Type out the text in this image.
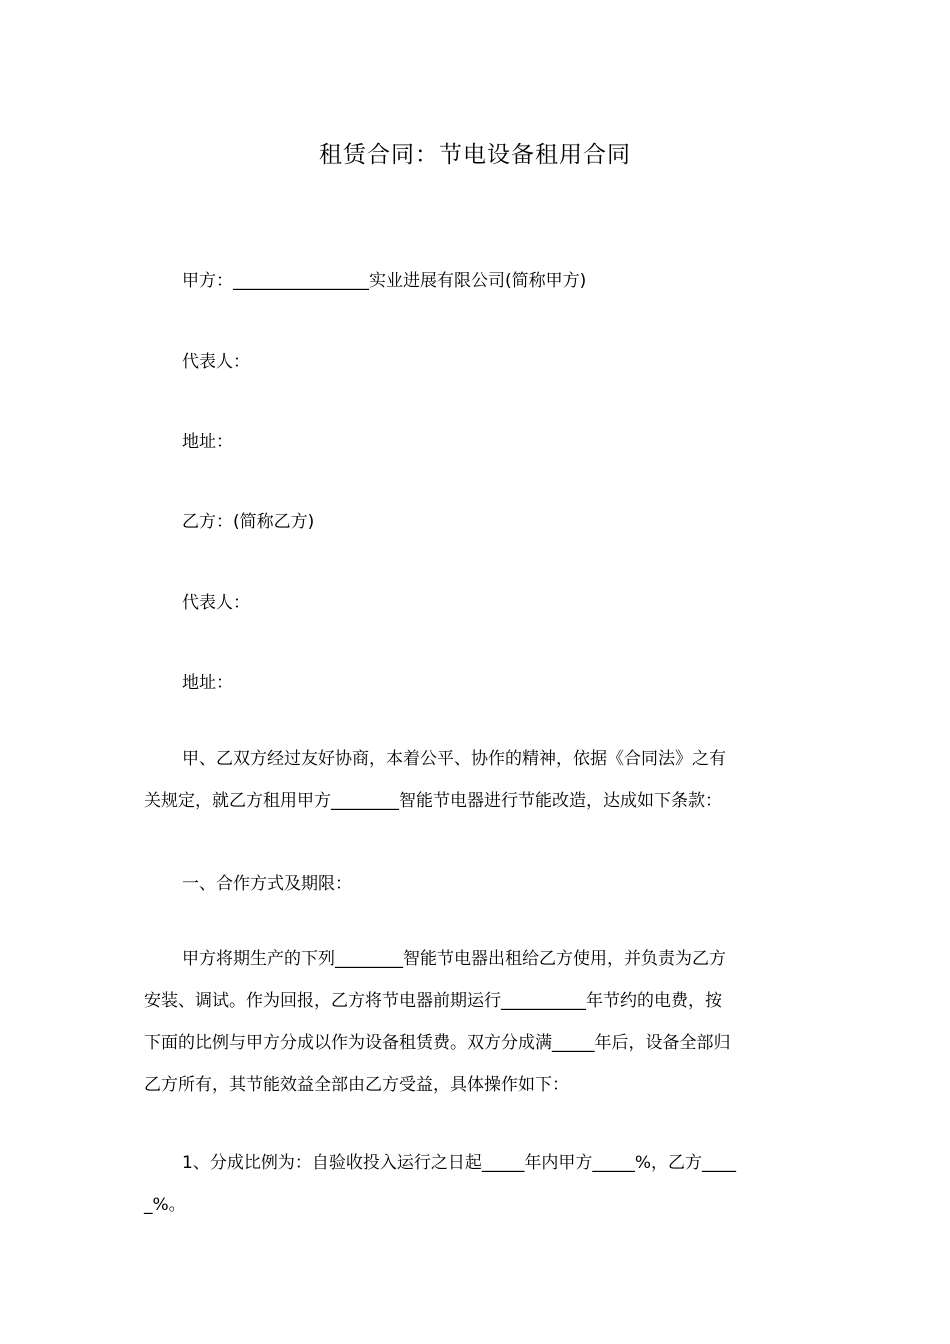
租赁合同：节电设备租用合同
甲方：________________实业进展有限公司(简称甲方)
代表人：
地址：
乙方：(简称乙方)
代表人：
地址：
甲、乙双方经过友好协商，本着公平、协作的精神，依据《合同法》之有
关规定，就乙方租用甲方________智能节电器进行节能改造，达成如下条款：
一、合作方式及期限：
甲方将期生产的下列________智能节电器出租给乙方使用，并负责为乙方
安装、调试。作为回报，乙方将节电器前期运行__________年节约的电费，按
下面的比例与甲方分成以作为设备租赁费。双方分成满_____年后，设备全部归
乙方所有，其节能效益全部由乙方受益，具体操作如下：
1、分成比例为：自验收投入运行之日起_____年内甲方_____%，乙方____
_%。
